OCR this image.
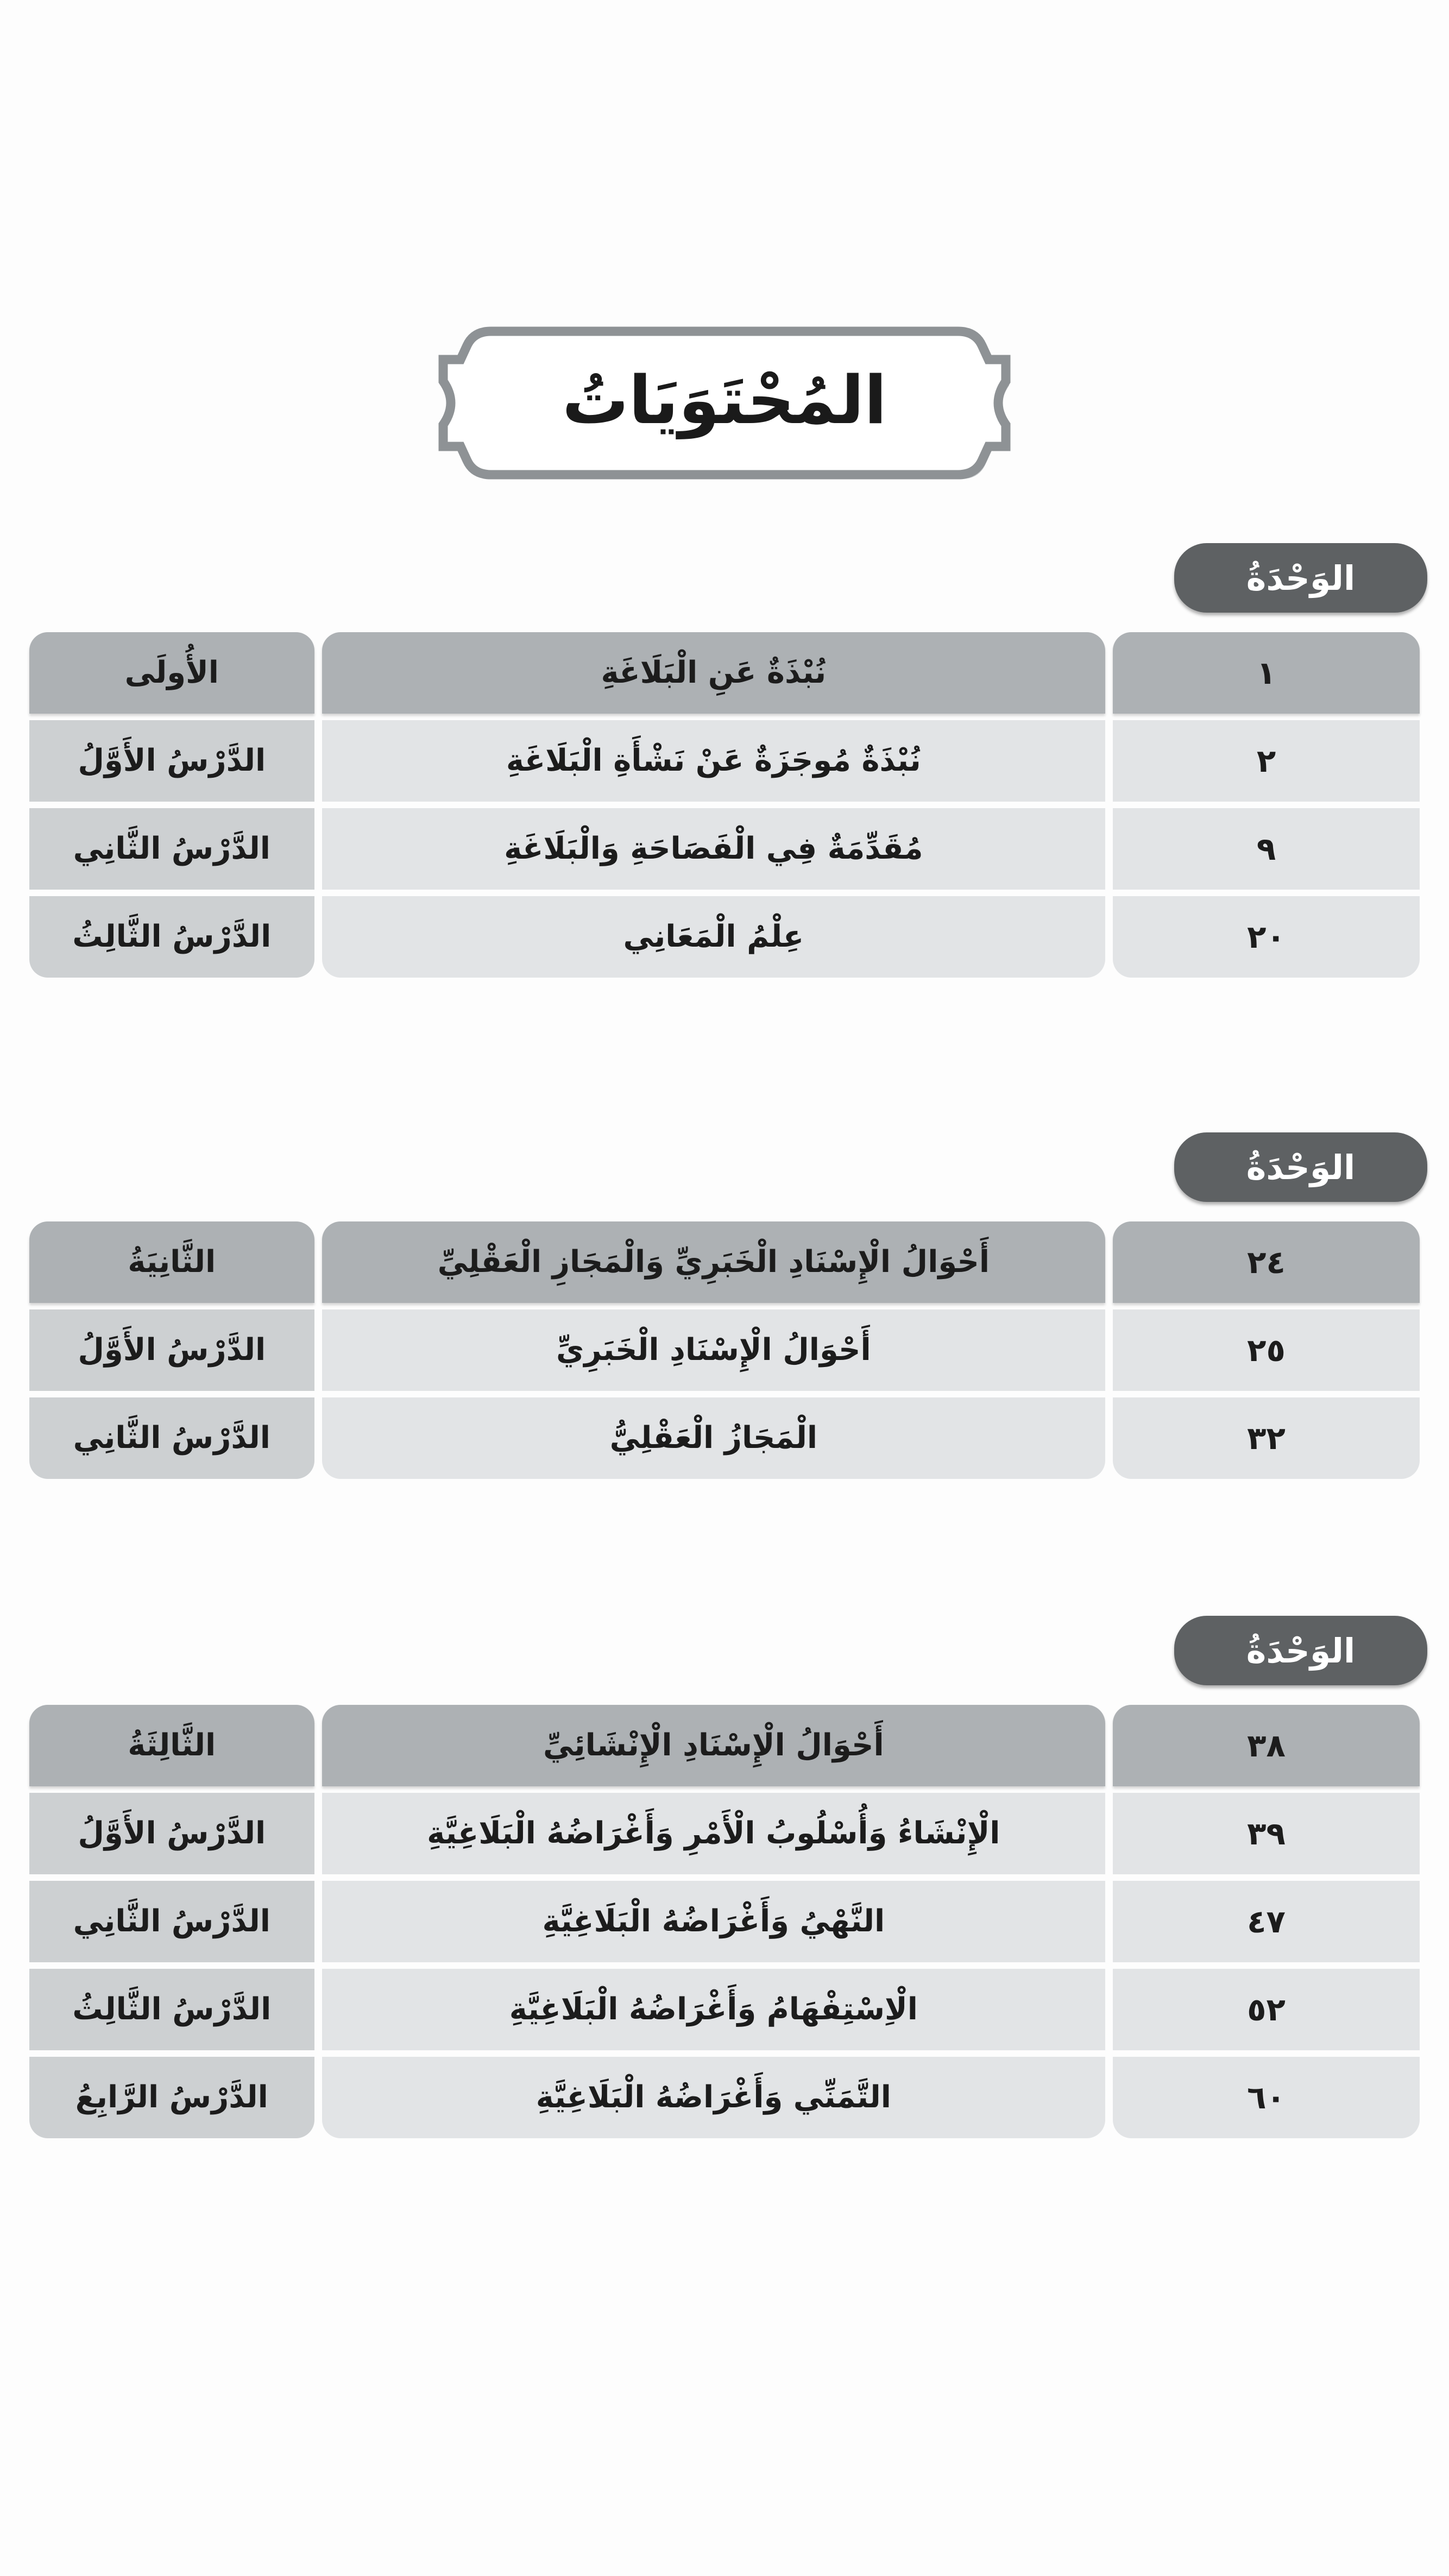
المُحْتَوَيَاتُ
الوَحْدَةُ
١	نُبْذَةٌ عَنِ الْبَلَاغَةِ	الأُولَى

٢	نُبْذَةٌ مُوجَزَةٌ عَنْ نَشْأَةِ الْبَلَاغَةِ	الدَّرْسُ الأَوَّلُ

٩	مُقَدِّمَةٌ فِي الْفَصَاحَةِ وَالْبَلَاغَةِ	الدَّرْسُ الثَّانِي

٢٠	عِلْمُ الْمَعَانِي	الدَّرْسُ الثَّالِثُ
الوَحْدَةُ
٢٤	أَحْوَالُ الْإِسْنَادِ الْخَبَرِيِّ وَالْمَجَازِ الْعَقْلِيِّ	الثَّانِيَةُ

٢٥	أَحْوَالُ الْإِسْنَادِ الْخَبَرِيِّ	الدَّرْسُ الأَوَّلُ

٣٢	الْمَجَازُ الْعَقْلِيُّ	الدَّرْسُ الثَّانِي
الوَحْدَةُ
٣٨	أَحْوَالُ الْإِسْنَادِ الْإِنْشَائِيِّ	الثَّالِثَةُ

٣٩	الْإِنْشَاءُ وَأُسْلُوبُ الْأَمْرِ وَأَغْرَاضُهُ الْبَلَاغِيَّةِ	الدَّرْسُ الأَوَّلُ

٤٧	النَّهْيُ وَأَغْرَاضُهُ الْبَلَاغِيَّةِ	الدَّرْسُ الثَّانِي

٥٢	الْاِسْتِفْهَامُ وَأَغْرَاضُهُ الْبَلَاغِيَّةِ	الدَّرْسُ الثَّالِثُ

٦٠	التَّمَنِّي وَأَغْرَاضُهُ الْبَلَاغِيَّةِ	الدَّرْسُ الرَّابِعُ
